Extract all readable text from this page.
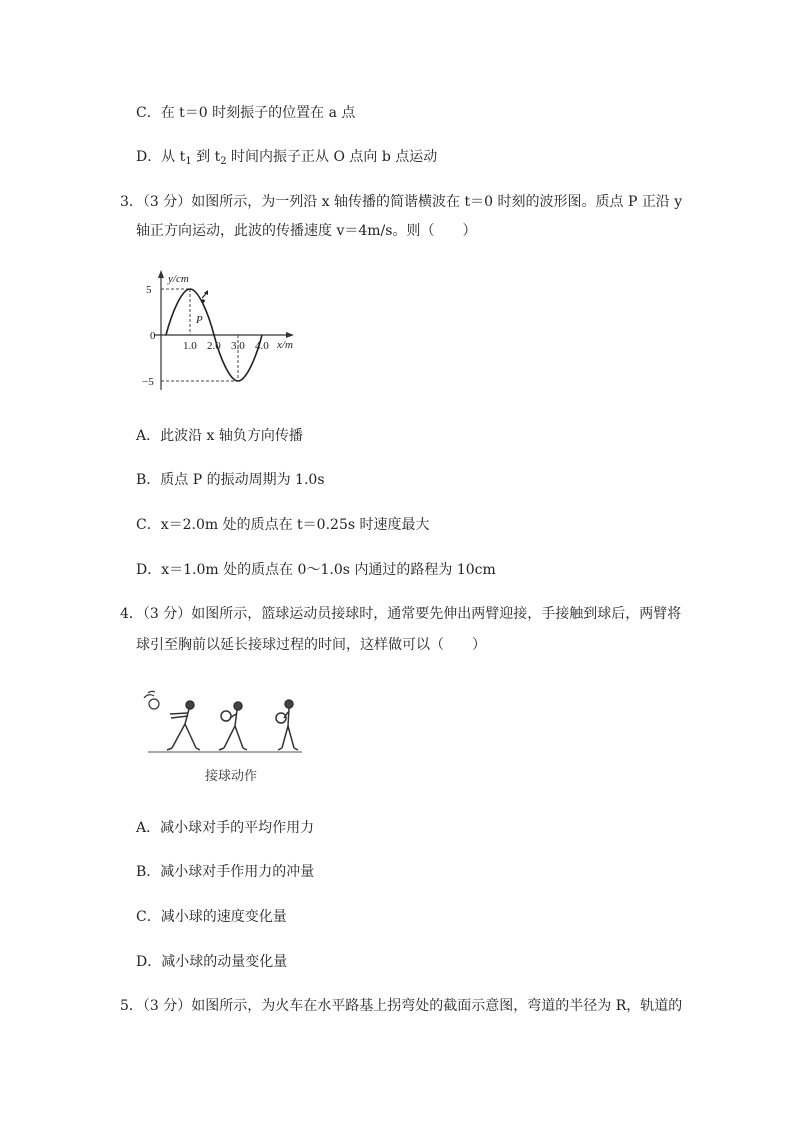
C．在 t＝0 时刻振子的位置在 a 点
D．从 $t_1$ 到 $t_2$ 时间内振子正从 O 点向 b 点运动
3．（3 分）如图所示，为一列沿 x 轴传播的简谐横波在 t＝0 时刻的波形图。质点 P 正沿 y
轴正方向运动，此波的传播速度 v＝4m/s。则（　　）
y/cm
x/m
5
0
−5
1.0 2.0 3.0 4.0
P
A．此波沿 x 轴负方向传播
B．质点 P 的振动周期为 1.0s
C．x＝2.0m 处的质点在 t＝0.25s 时速度最大
D．x＝1.0m 处的质点在 0～1.0s 内通过的路程为 10cm
4．（3 分）如图所示，篮球运动员接球时，通常要先伸出两臂迎接，手接触到球后，两臂将
球引至胸前以延长接球过程的时间，这样做可以（　　）
接球动作
A．减小球对手的平均作用力
B．减小球对手作用力的冲量
C．减小球的速度变化量
D．减小球的动量变化量
5．（3 分）如图所示，为火车在水平路基上拐弯处的截面示意图，弯道的半径为 R，轨道的
